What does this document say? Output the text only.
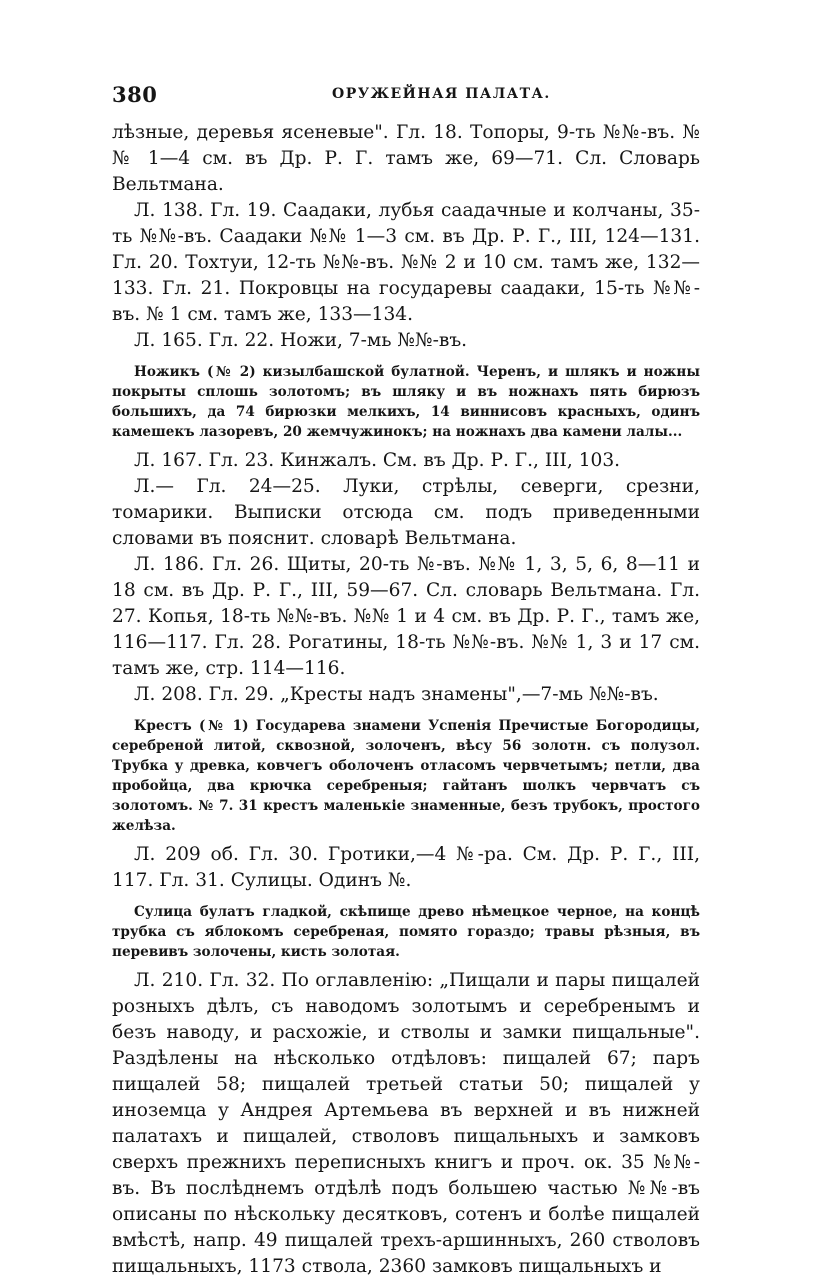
380	ОРУЖЕЙНАЯ ПАЛАТА.

лѣзные, деревья ясеневые". Гл. 18. Топоры, 9-ть №№-въ. №№ 1—4 см. въ Др. Р. Г. тамъ же, 69—71. Сл. Словарь Вельтмана.

Л. 138. Гл. 19. Саадаки, лубья саадачные и колчаны, 35-ть №№-въ. Саадаки №№ 1—3 см. въ Др. Р. Г., III, 124—131. Гл. 20. Тохтуи, 12-ть №№-въ. №№ 2 и 10 см. тамъ же, 132—133. Гл. 21. Покровцы на государевы саадаки, 15-ть №№-въ. № 1 см. тамъ же, 133—134.

Л. 165. Гл. 22. Ножи, 7-мь №№-въ.

Ножикъ (№ 2) кизылбашской булатной. Черенъ, и шлякъ и ножны покрыты сплошь золотомъ; въ шляку и въ ножнахъ пять бирюзъ большихъ, да 74 бирюзки мелкихъ, 14 виннисовъ красныхъ, одинъ камешекъ лазоревъ, 20 жемчужинокъ; на ножнахъ два камени лалы...

Л. 167. Гл. 23. Кинжалъ. См. въ Др. Р. Г., III, 103.

Л.— Гл. 24—25. Луки, стрѣлы, северги, срезни, томарики. Выписки отсюда см. подъ приведенными словами въ пояснит. словарѣ Вельтмана.

Л. 186. Гл. 26. Щиты, 20-ть №-въ. №№ 1, 3, 5, 6, 8—11 и 18 см. въ Др. Р. Г., III, 59—67. Сл. словарь Вельтмана. Гл. 27. Копья, 18-ть №№-въ. №№ 1 и 4 см. въ Др. Р. Г., тамъ же, 116—117. Гл. 28. Рогатины, 18-ть №№-въ. №№ 1, 3 и 17 см. тамъ же, стр. 114—116.

Л. 208. Гл. 29. „Кресты надъ знамены",—7-мь №№-въ.

Крестъ (№ 1) Государева знамени Успенія Пречистые Богородицы, серебреной литой, сквозной, золоченъ, вѣсу 56 золотн. съ полузол. Трубка у древка, ковчегъ оболоченъ отласомъ червчетымъ; петли, два пробойца, два крючка серебреныя; гайтанъ шолкъ червчатъ съ золотомъ. № 7. 31 крестъ маленькіе знаменные, безъ трубокъ, простого желѣза.

Л. 209 об. Гл. 30. Гротики,—4 №-ра. См. Др. Р. Г., III, 117. Гл. 31. Сулицы. Одинъ №.

Сулица булатъ гладкой, скѣпище древо нѣмецкое черное, на концѣ трубка съ яблокомъ серебреная, помято гораздо; травы рѣзныя, въ перевивъ золочены, кисть золотая.

Л. 210. Гл. 32. По оглавленію: „Пищали и пары пищалей розныхъ дѣлъ, съ наводомъ золотымъ и серебренымъ и безъ наводу, и расхожіе, и стволы и замки пищальные". Раздѣлены на нѣсколько отдѣловъ: пищалей 67; паръ пищалей 58; пищалей третьей статьи 50; пищалей у иноземца у Андрея Артемьева въ верхней и въ нижней палатахъ и пищалей, стволовъ пищальныхъ и замковъ сверхъ прежнихъ переписныхъ книгъ и проч. ок. 35 №№-въ. Въ послѣднемъ отдѣлѣ подъ большею частью №№-въ описаны по нѣскольку десятковъ, сотенъ и болѣе пищалей вмѣстѣ, напр. 49 пищалей трехъ-аршинныхъ, 260 стволовъ пищальныхъ, 1173 ствола, 2360 замковъ пищальныхъ и
